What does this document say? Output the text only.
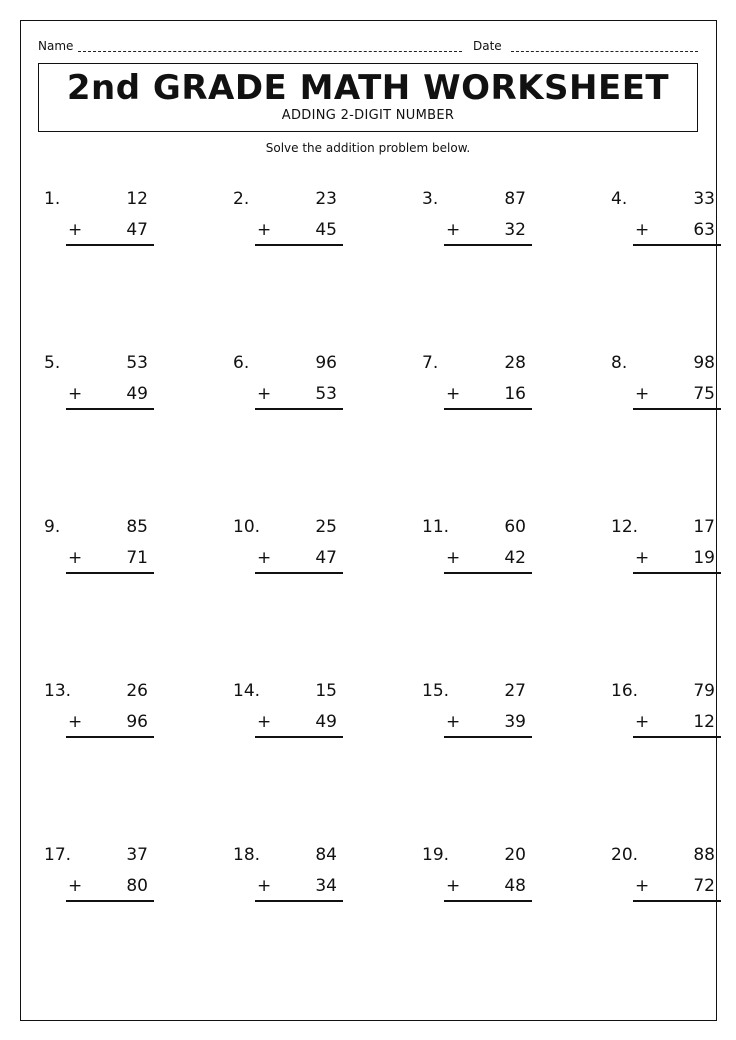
Name	Date
2nd GRADE MATH WORKSHEET
ADDING 2-DIGIT NUMBER
Solve the addition problem below.
1.	12
+	47
2.	23
+	45
3.	87
+	32
4.	33
+	63
5.	53
+	49
6.	96
+	53
7.	28
+	16
8.	98
+	75
9.	85
+	71
10.	25
+	47
11.	60
+	42
12.	17
+	19
13.	26
+	96
14.	15
+	49
15.	27
+	39
16.	79
+	12
17.	37
+	80
18.	84
+	34
19.	20
+	48
20.	88
+	72
